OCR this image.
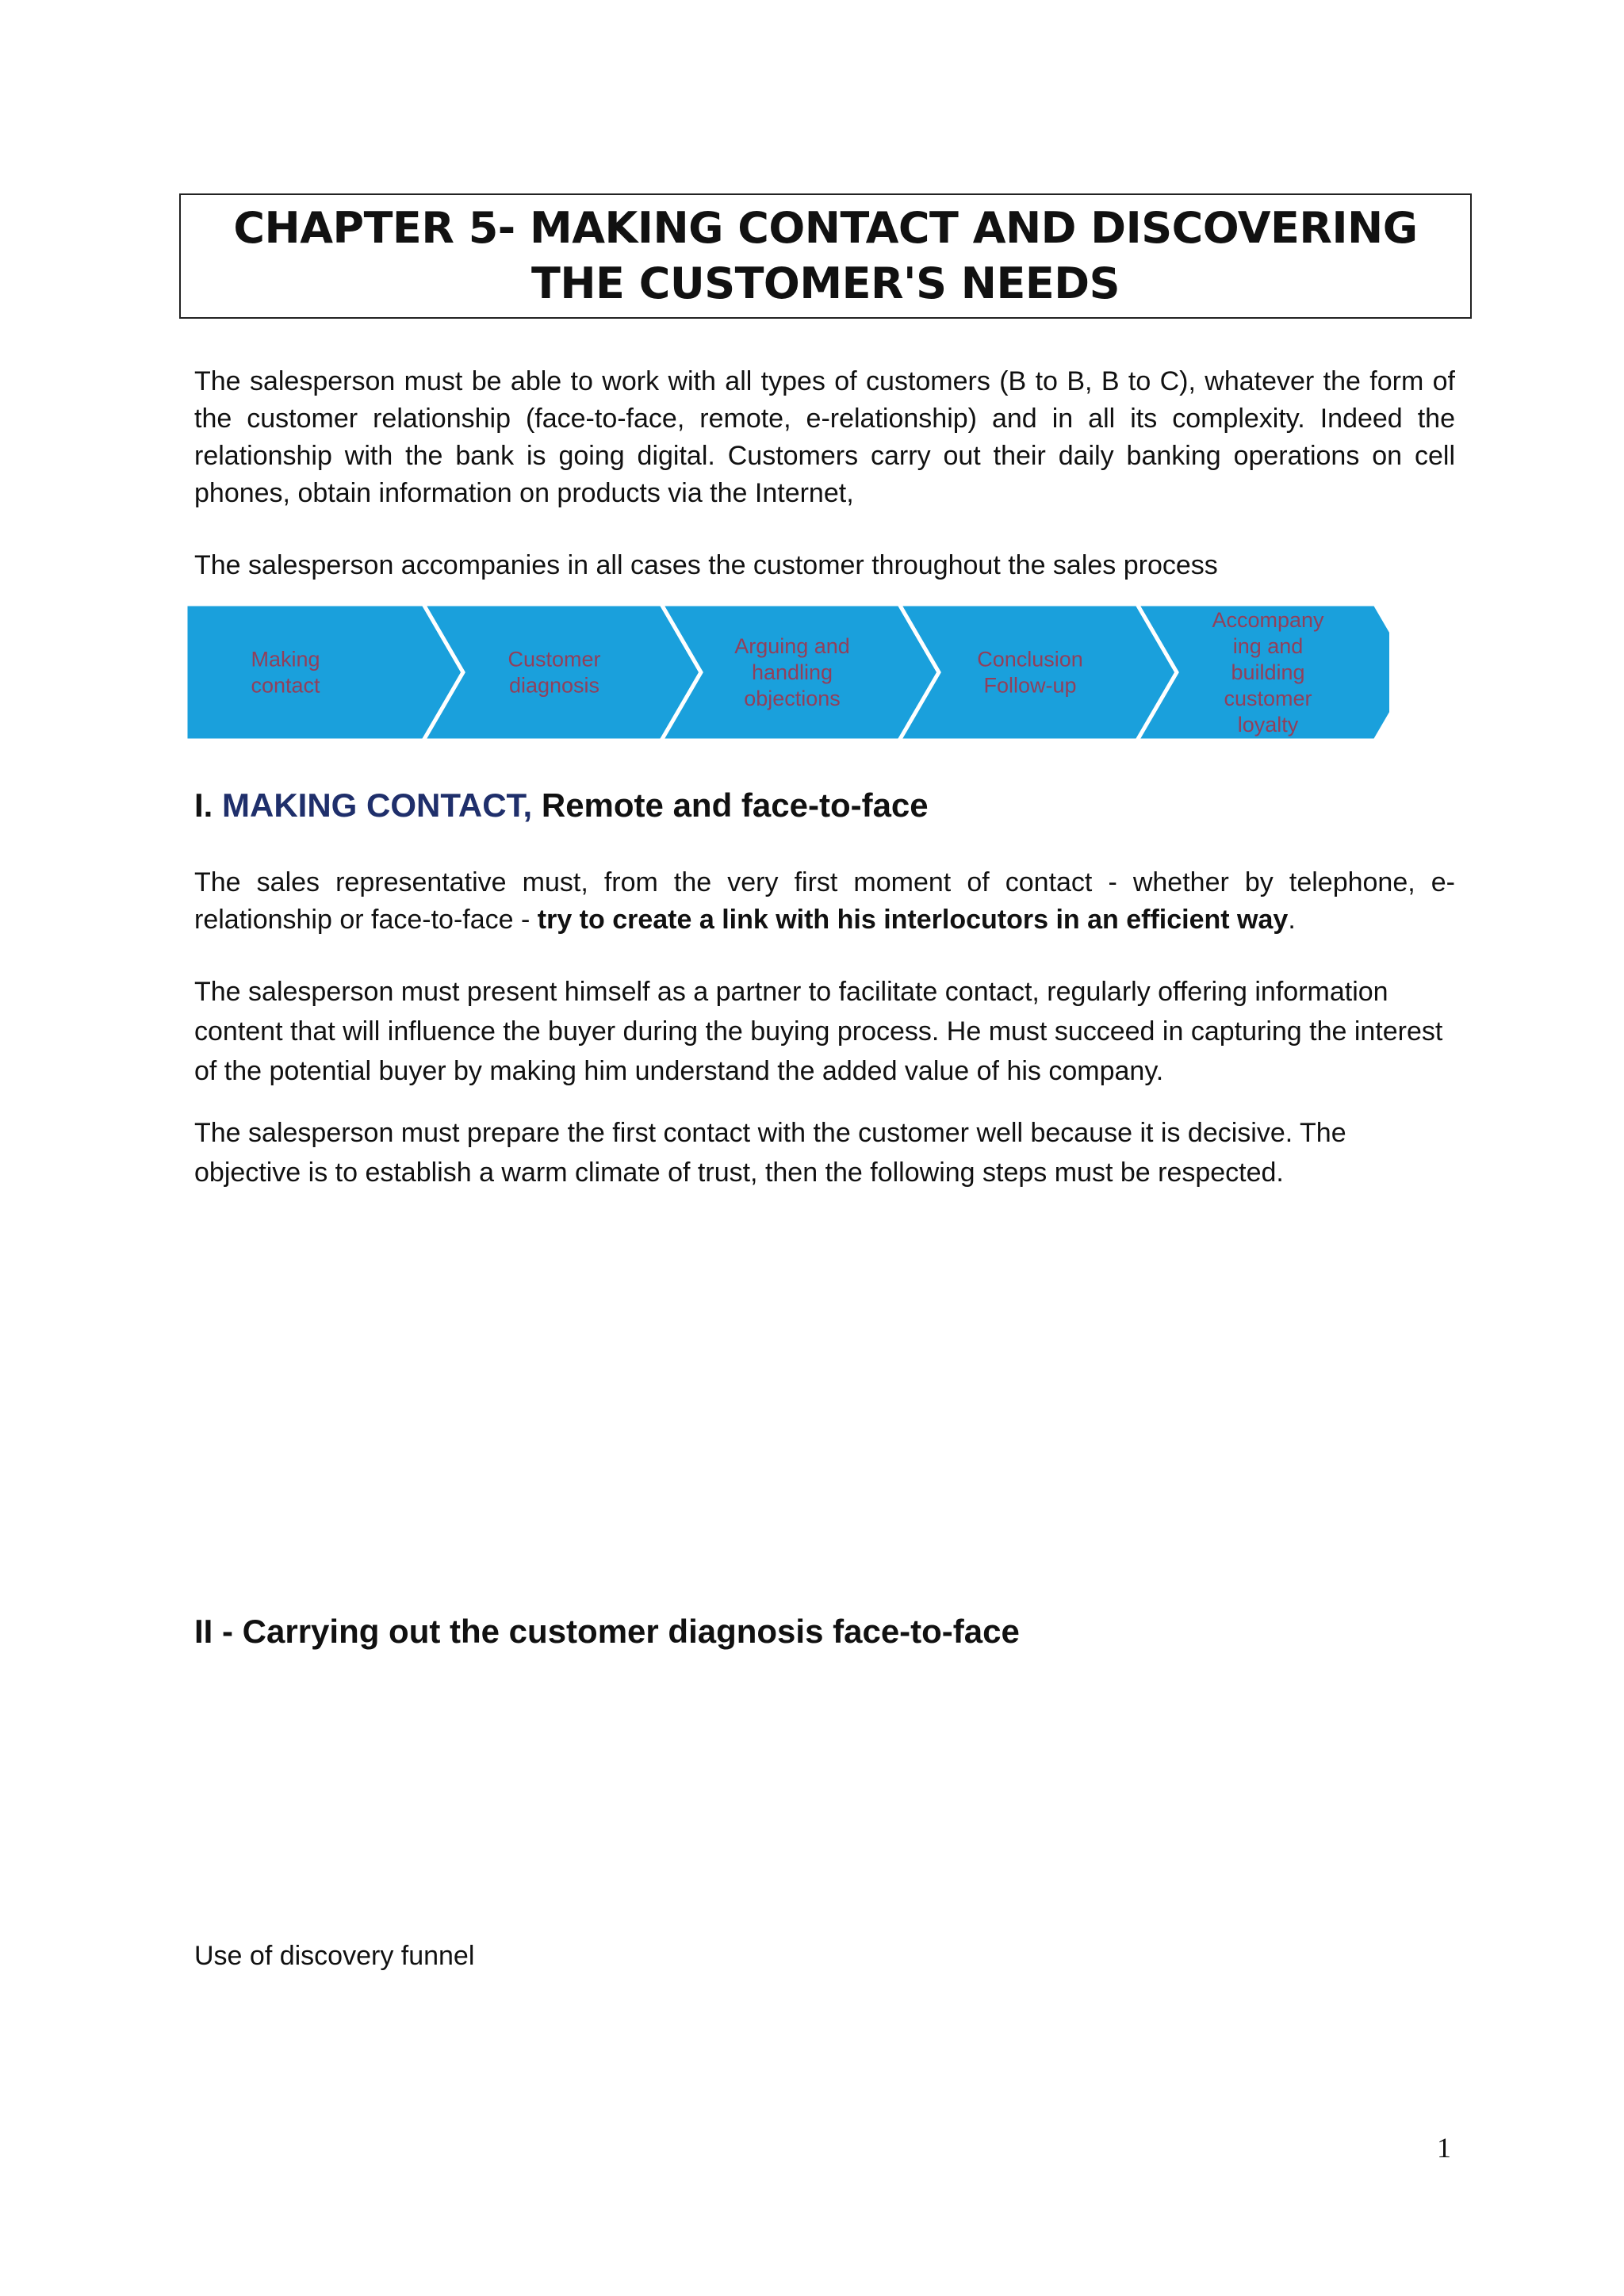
CHAPTER 5- MAKING CONTACT AND DISCOVERING THE CUSTOMER'S NEEDS

The salesperson must be able to work with all types of customers (B to B, B to C), whatever the form of the customer relationship (face-to-face, remote, e-relationship) and in all its complexity. Indeed the relationship with the bank is going digital. Customers carry out their daily banking operations on cell phones, obtain information on products via the Internet,

The salesperson accompanies in all cases the customer throughout the sales process

Making
contact
Customer
diagnosis
Arguing and
handling
objections
Conclusion
Follow-up
Accompany
ing and
building
customer
loyalty
I. MAKING CONTACT, Remote and face-to-face

The sales representative must, from the very first moment of contact - whether by telephone, e-relationship or face-to-face - try to create a link with his interlocutors in an efficient way.

The salesperson must present himself as a partner to facilitate contact, regularly offering information content that will influence the buyer during the buying process. He must succeed in capturing the interest of the potential buyer by making him understand the added value of his company.

The salesperson must prepare the first contact with the customer well because it is decisive. The objective is to establish a warm climate of trust, then the following steps must be respected.

II - Carrying out the customer diagnosis face-to-face

Use of discovery funnel

1
